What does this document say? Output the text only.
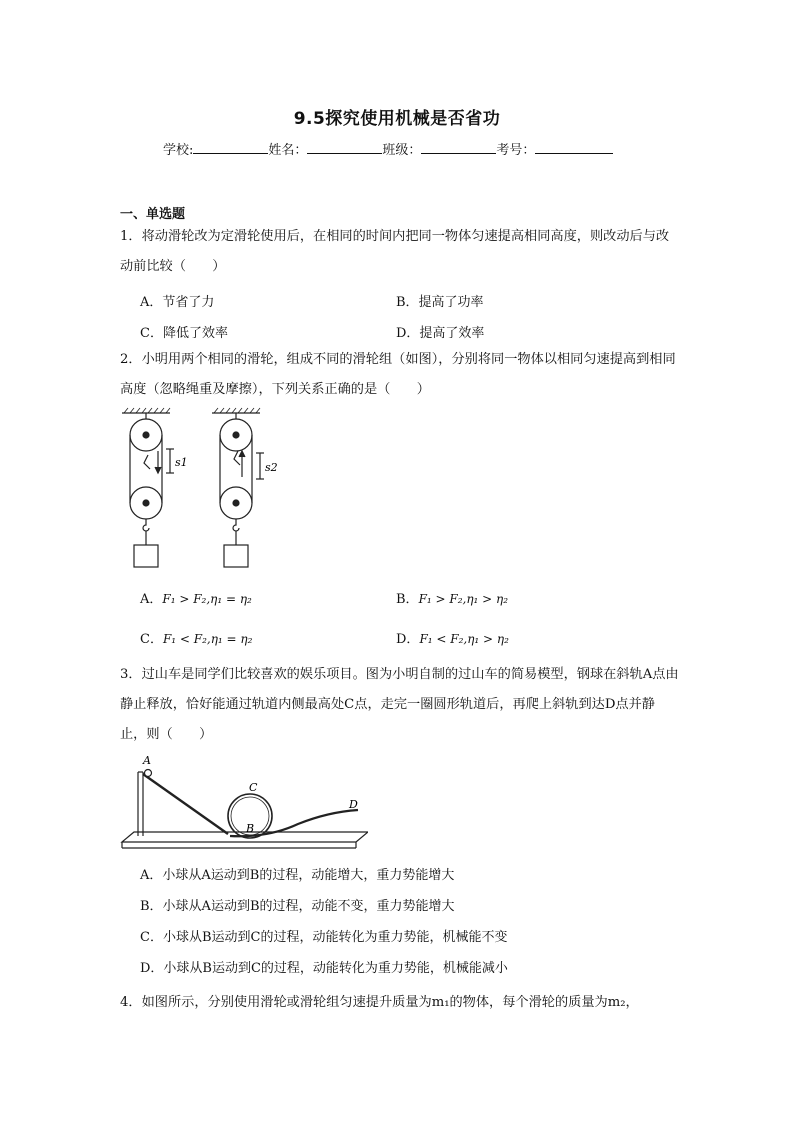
9.5探究使用机械是否省功
学校:	姓名：	班级：	考号：
一、单选题
1．将动滑轮改为定滑轮使用后，在相同的时间内把同一物体匀速提高相同高度，则改动后与改动前比较（　　）
A．节省了力	B．提高了功率
C．降低了效率	D．提高了效率
2．小明用两个相同的滑轮，组成不同的滑轮组（如图），分别将同一物体以相同匀速提高到相同高度（忽略绳重及摩擦），下列关系正确的是（　　）
s1	s2
A．F₁ > F₂,η₁ = η₂	B．F₁ > F₂,η₁ > η₂
C．F₁ < F₂,η₁ = η₂	D．F₁ < F₂,η₁ > η₂
3．过山车是同学们比较喜欢的娱乐项目。图为小明自制的过山车的简易模型，钢球在斜轨A点由静止释放，恰好能通过轨道内侧最高处C点，走完一圈圆形轨道后，再爬上斜轨到达D点并静止，则（　　）
A
B
C
D
A．小球从A运动到B的过程，动能增大，重力势能增大
B．小球从A运动到B的过程，动能不变，重力势能增大
C．小球从B运动到C的过程，动能转化为重力势能，机械能不变
D．小球从B运动到C的过程，动能转化为重力势能，机械能减小
4．如图所示，分别使用滑轮或滑轮组匀速提升质量为m₁的物体，每个滑轮的质量为m₂，
